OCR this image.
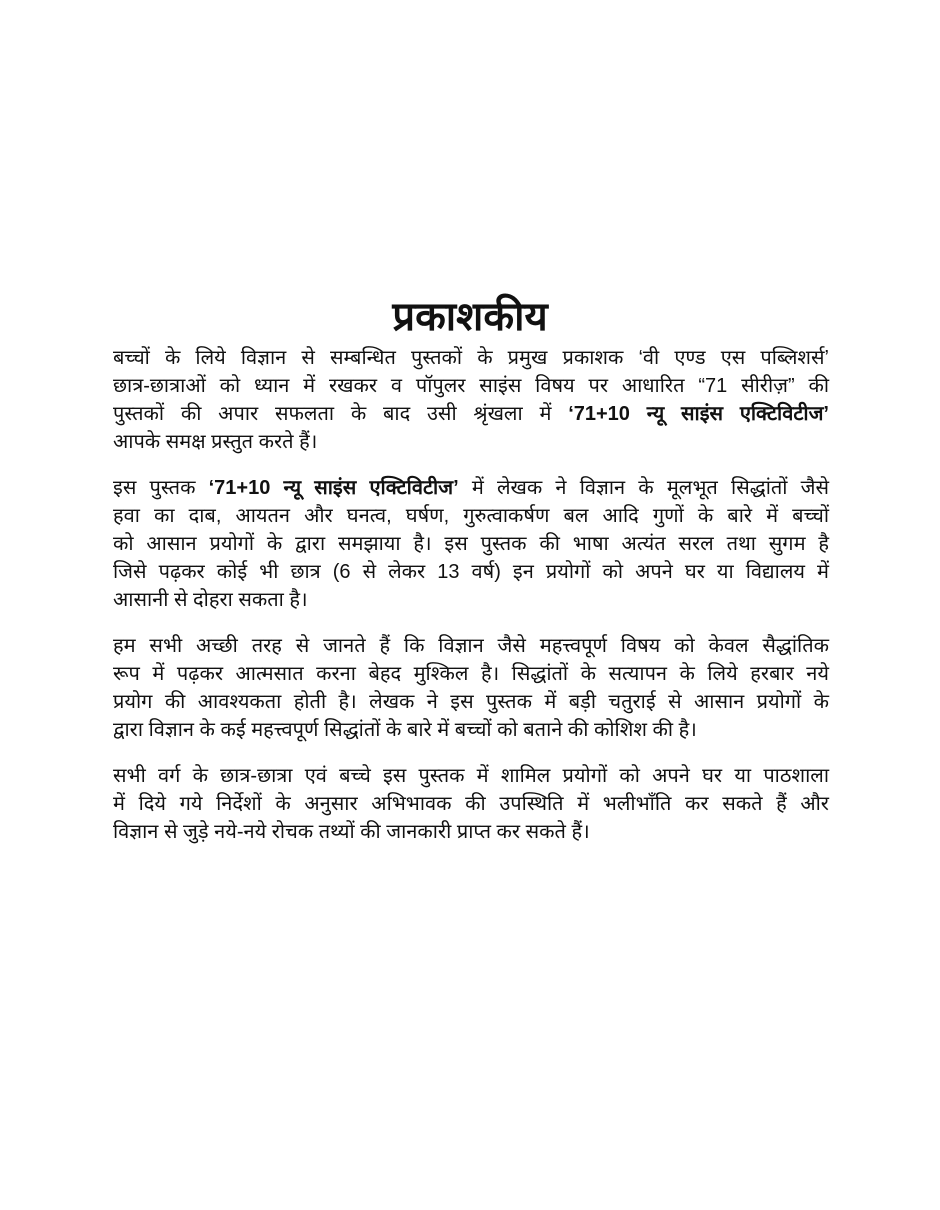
प्रकाशकीय
बच्चों के लिये विज्ञान से सम्बन्धित पुस्तकों के प्रमुख प्रकाशक ‘वी एण्ड एस पब्लिशर्स’
छात्र-छात्राओं को ध्यान में रखकर व पॉपुलर साइंस विषय पर आधारित “71 सीरीज़” की
पुस्तकों की अपार सफलता के बाद उसी श्रृंखला में ‘71+10 न्यू साइंस एक्टिविटीज’
आपके समक्ष प्रस्तुत करते हैं।
इस पुस्तक ‘71+10 न्यू साइंस एक्टिविटीज’ में लेखक ने विज्ञान के मूलभूत सिद्धांतों जैसे
हवा का दाब, आयतन और घनत्व, घर्षण, गुरुत्वाकर्षण बल आदि गुणों के बारे में बच्चों
को आसान प्रयोगों के द्वारा समझाया है। इस पुस्तक की भाषा अत्यंत सरल तथा सुगम है
जिसे पढ़कर कोई भी छात्र (6 से लेकर 13 वर्ष) इन प्रयोगों को अपने घर या विद्यालय में
आसानी से दोहरा सकता है।
हम सभी अच्छी तरह से जानते हैं कि विज्ञान जैसे महत्त्वपूर्ण विषय को केवल सैद्धांतिक
रूप में पढ़कर आत्मसात करना बेहद मुश्किल है। सिद्धांतों के सत्यापन के लिये हरबार नये
प्रयोग की आवश्यकता होती है। लेखक ने इस पुस्तक में बड़ी चतुराई से आसान प्रयोगों के
द्वारा विज्ञान के कई महत्त्वपूर्ण सिद्धांतों के बारे में बच्चों को बताने की कोशिश की है।
सभी वर्ग के छात्र-छात्रा एवं बच्चे इस पुस्तक में शामिल प्रयोगों को अपने घर या पाठशाला
में दिये गये निर्देशों के अनुसार अभिभावक की उपस्थिति में भलीभाँति कर सकते हैं और
विज्ञान से जुड़े नये-नये रोचक तथ्यों की जानकारी प्राप्त कर सकते हैं।
